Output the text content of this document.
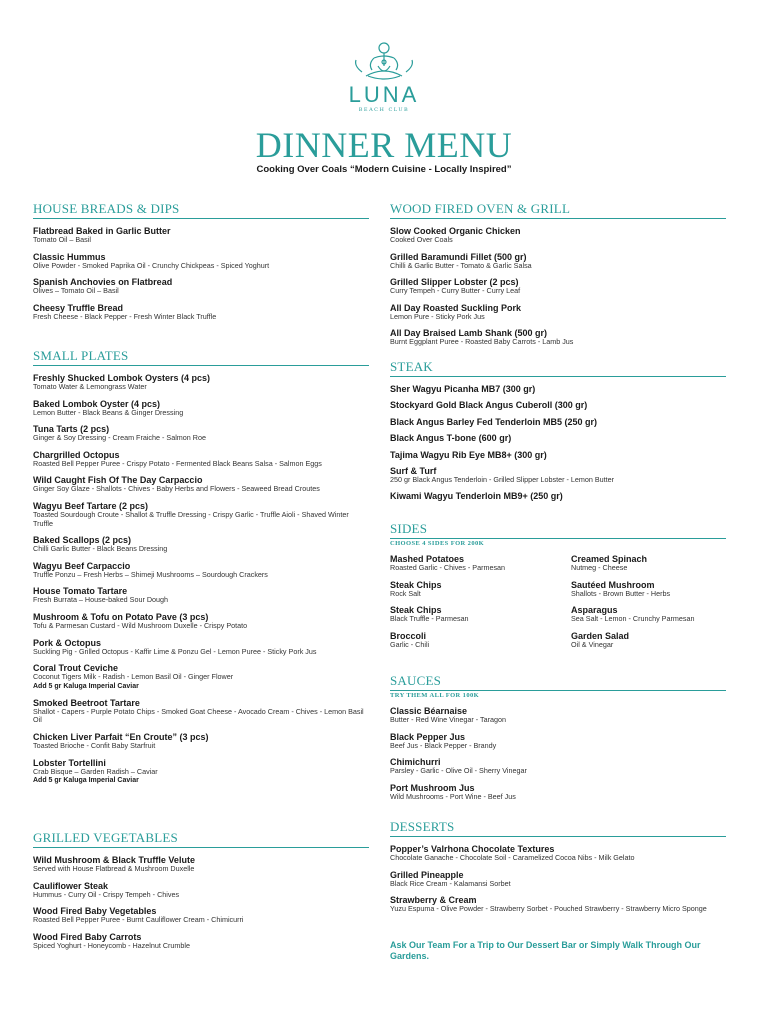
LUNA
BEACH CLUB
DINNER MENU
Cooking Over Coals “Modern Cuisine - Locally Inspired”
HOUSE BREADS & DIPS
Flatbread Baked in Garlic Butter
Tomato Oil – Basil
Classic Hummus
Olive Powder - Smoked Paprika Oil - Crunchy Chickpeas - Spiced Yoghurt
Spanish Anchovies on Flatbread
Olives – Tomato Oil – Basil
Cheesy Truffle Bread
Fresh Cheese - Black Pepper - Fresh Winter Black Truffle
SMALL PLATES
Freshly Shucked Lombok Oysters (4 pcs)
Tomato Water & Lemongrass Water
Baked Lombok Oyster (4 pcs)
Lemon Butter - Black Beans & Ginger Dressing
Tuna Tarts (2 pcs)
Ginger & Soy Dressing - Cream Fraiche - Salmon Roe
Chargrilled Octopus
Roasted Bell Pepper Puree - Crispy Potato - Fermented Black Beans Salsa - Salmon Eggs
Wild Caught Fish Of The Day Carpaccio
Ginger Soy Glaze - Shallots - Chives - Baby Herbs and Flowers - Seaweed Bread Croutes
Wagyu Beef Tartare (2 pcs)
Toasted Sourdough Croute - Shallot & Truffle Dressing - Crispy Garlic - Truffle Aioli - Shaved Winter Truffle
Baked Scallops (2 pcs)
Chilli Garlic Butter - Black Beans Dressing
Wagyu Beef Carpaccio
Truffle Ponzu – Fresh Herbs – Shimeji Mushrooms – Sourdough Crackers
House Tomato Tartare
Fresh Burrata – House-baked Sour Dough
Mushroom & Tofu on Potato Pave (3 pcs)
Tofu & Parmesan Custard - Wild Mushroom Duxelle - Crispy Potato
Pork & Octopus
Suckling Pig - Grilled Octopus - Kaffir Lime & Ponzu Gel - Lemon Puree - Sticky Pork Jus
Coral Trout Ceviche
Coconut Tigers Milk - Radish - Lemon Basil Oil - Ginger Flower
Add 5 gr Kaluga Imperial Caviar
Smoked Beetroot Tartare
Shallot - Capers - Purple Potato Chips - Smoked Goat Cheese - Avocado Cream - Chives - Lemon Basil Oil
Chicken Liver Parfait “En Croute” (3 pcs)
Toasted Brioche - Confit Baby Starfruit
Lobster Tortellini
Crab Bisque – Garden Radish – Caviar
Add 5 gr Kaluga Imperial Caviar
GRILLED VEGETABLES
Wild Mushroom & Black Truffle Velute
Served with House Flatbread & Mushroom Duxelle
Cauliflower Steak
Hummus - Curry Oil - Crispy Tempeh - Chives
Wood Fired Baby Vegetables
Roasted Bell Pepper Puree - Burnt Cauliflower Cream - Chimicurri
Wood Fired Baby Carrots
Spiced Yoghurt - Honeycomb - Hazelnut Crumble
WOOD FIRED OVEN & GRILL
Slow Cooked Organic Chicken
Cooked Over Coals
Grilled Baramundi Fillet (500 gr)
Chilli & Garlic Butter - Tomato & Garlic Salsa
Grilled Slipper Lobster (2 pcs)
Curry Tempeh - Curry Butter - Curry Leaf
All Day Roasted Suckling Pork
Lemon Pure - Sticky Pork Jus
All Day Braised Lamb Shank (500 gr)
Burnt Eggplant Puree - Roasted Baby Carrots - Lamb Jus
STEAK
Sher Wagyu Picanha MB7 (300 gr)
Stockyard Gold Black Angus Cuberoll (300 gr)
Black Angus Barley Fed Tenderloin MB5 (250 gr)
Black Angus T-bone (600 gr)
Tajima Wagyu Rib Eye MB8+ (300 gr)
Surf & Turf
250 gr Black Angus Tenderloin - Grilled Slipper Lobster - Lemon Butter
Kiwami Wagyu Tenderloin MB9+ (250 gr)
SIDES
CHOOSE 4 SIDES FOR 200K
Mashed Potatoes
Roasted Garlic - Chives - Parmesan
Steak Chips
Rock Salt
Steak Chips
Black Truffle - Parmesan
Broccoli
Garlic - Chili
Creamed Spinach
Nutmeg - Cheese
Sautéed Mushroom
Shallots - Brown Butter - Herbs
Asparagus
Sea Salt - Lemon - Crunchy Parmesan
Garden Salad
Oil & Vinegar
SAUCES
TRY THEM ALL FOR 100K
Classic Béarnaise
Butter - Red Wine Vinegar - Taragon
Black Pepper Jus
Beef Jus - Black Pepper - Brandy
Chimichurri
Parsley - Garlic - Olive Oil - Sherry Vinegar
Port Mushroom Jus
Wild Mushrooms - Port Wine - Beef Jus
DESSERTS
Popper’s Valrhona Chocolate Textures
Chocolate Ganache - Chocolate Soil - Caramelized Cocoa Nibs - Milk Gelato
Grilled Pineapple
Black Rice Cream - Kalamansi Sorbet
Strawberry & Cream
Yuzu Espuma - Olive Powder - Strawberry Sorbet - Pouched Strawberry - Strawberry Micro Sponge
Ask Our Team For a Trip to Our Dessert Bar or Simply Walk Through Our Gardens.
